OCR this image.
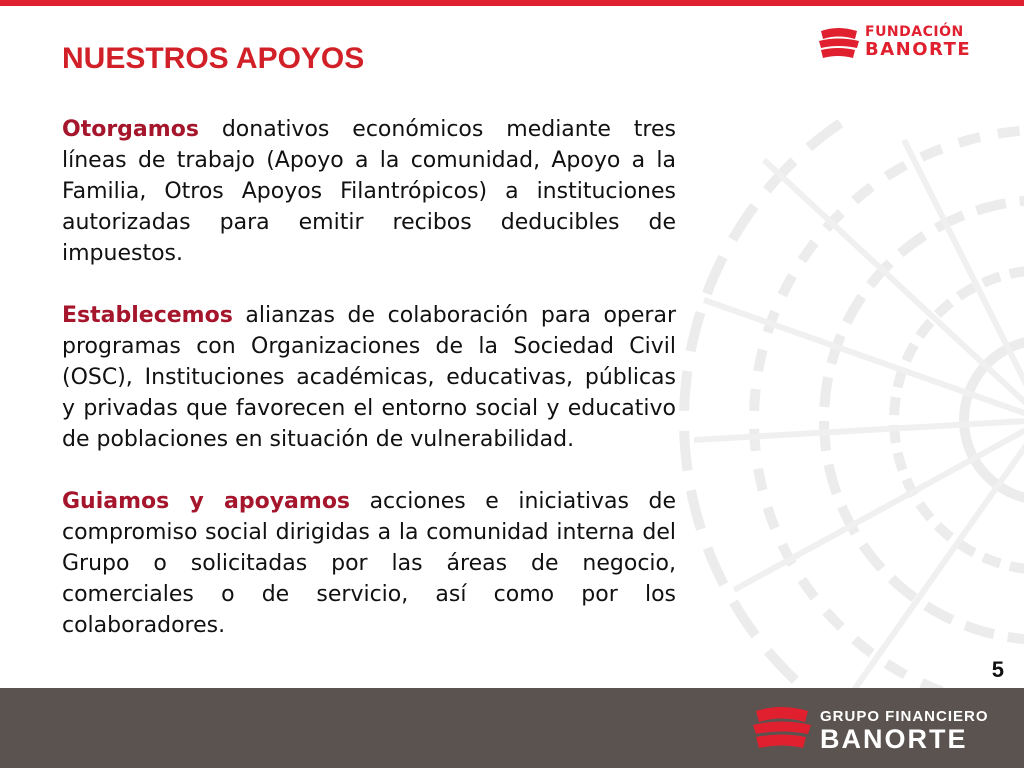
FUNDACIÓN
BANORTE
NUESTROS APOYOS

Otorgamos donativos económicos mediante tres líneas de trabajo (Apoyo a la comunidad, Apoyo a la Familia, Otros Apoyos Filantrópicos) a instituciones autorizadas para emitir recibos deducibles de impuestos.

Establecemos alianzas de colaboración para operar programas con Organizaciones de la Sociedad Civil (OSC), Instituciones académicas, educativas, públicas y privadas que favorecen el entorno social y educativo de poblaciones en situación de vulnerabilidad.

Guiamos y apoyamos acciones e iniciativas de compromiso social dirigidas a la comunidad interna del Grupo o solicitadas por las áreas de negocio, comerciales o de servicio, así como por los colaboradores.

5
GRUPO FINANCIERO
BANORTE
